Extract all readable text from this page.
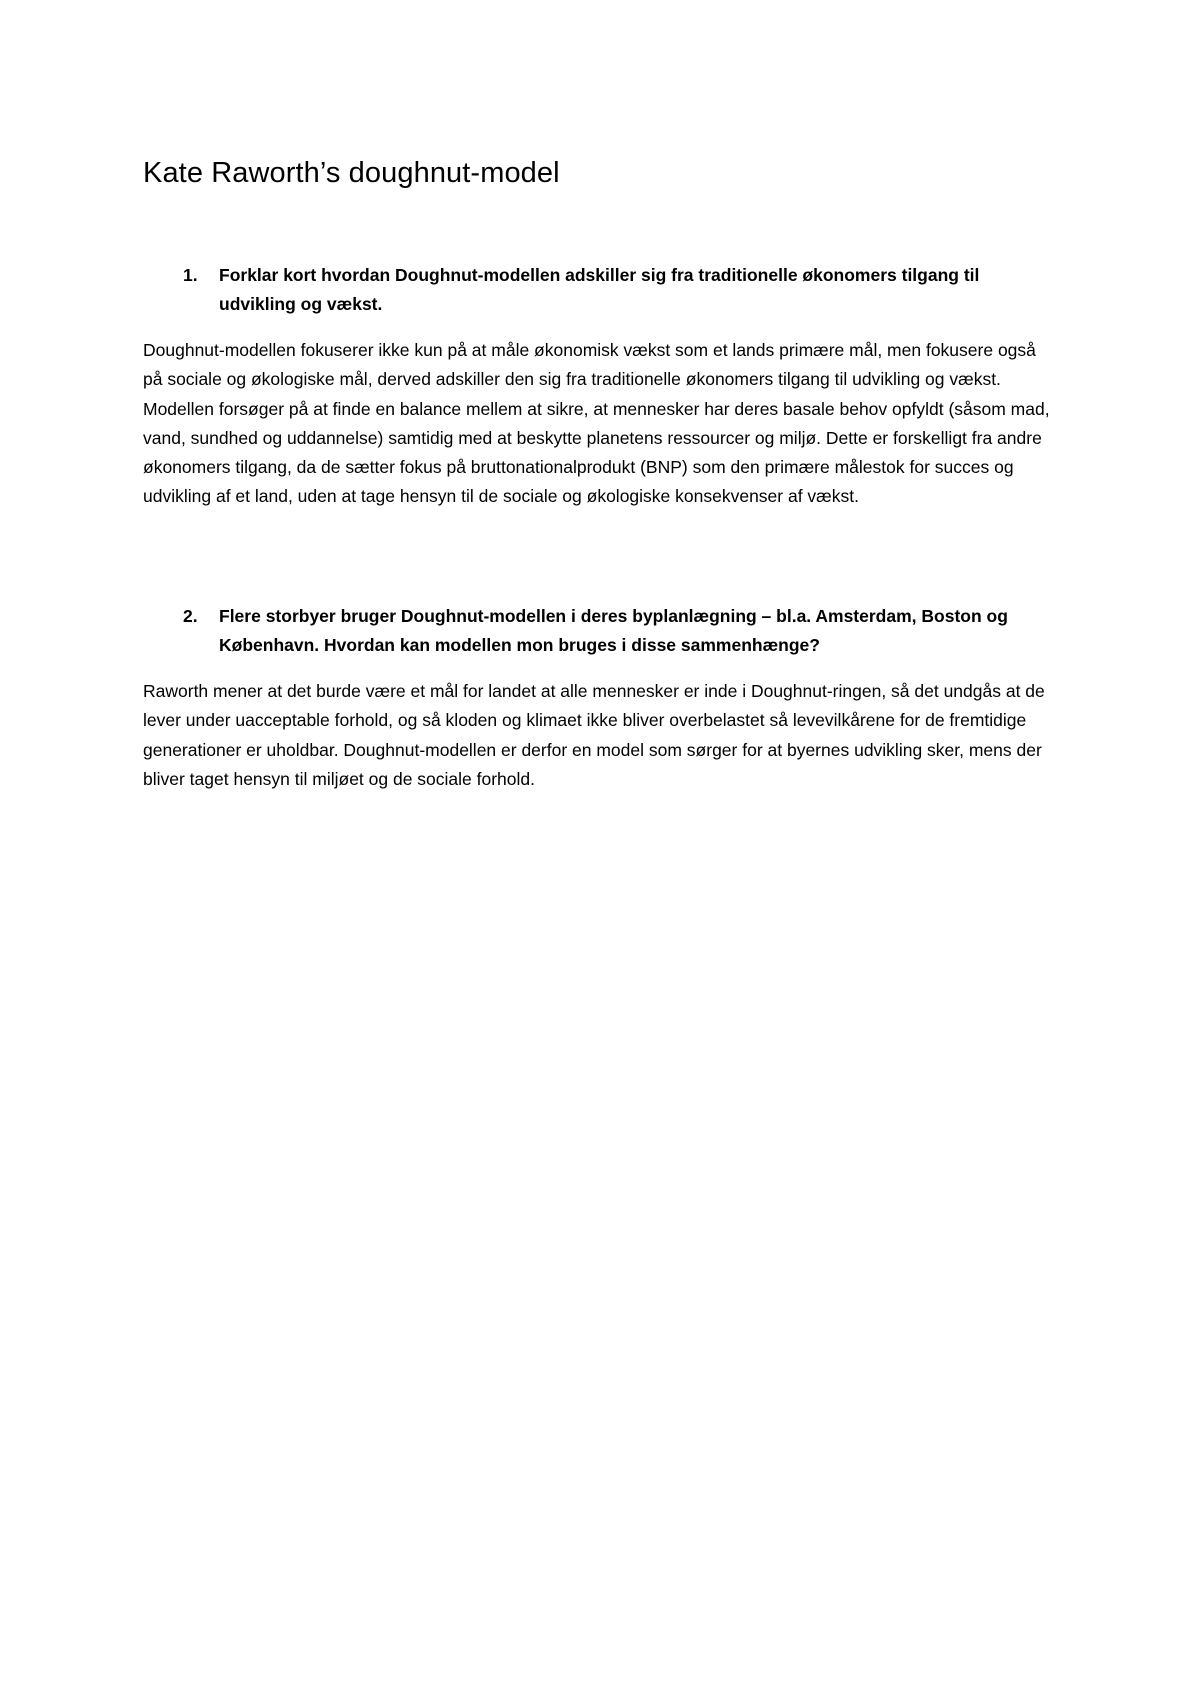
Kate Raworth’s doughnut-model
1. Forklar kort hvordan Doughnut-modellen adskiller sig fra traditionelle økonomers tilgang til udvikling og vækst.

Doughnut-modellen fokuserer ikke kun på at måle økonomisk vækst som et lands primære mål, men fokusere også på sociale og økologiske mål, derved adskiller den sig fra traditionelle økonomers tilgang til udvikling og vækst. Modellen forsøger på at finde en balance mellem at sikre, at mennesker har deres basale behov opfyldt (såsom mad, vand, sundhed og uddannelse) samtidig med at beskytte planetens ressourcer og miljø. Dette er forskelligt fra andre økonomers tilgang, da de sætter fokus på bruttonationalprodukt (BNP) som den primære målestok for succes og udvikling af et land, uden at tage hensyn til de sociale og økologiske konsekvenser af vækst.

2. Flere storbyer bruger Doughnut-modellen i deres byplanlægning – bl.a. Amsterdam, Boston og København. Hvordan kan modellen mon bruges i disse sammenhænge?

Raworth mener at det burde være et mål for landet at alle mennesker er inde i Doughnut-ringen, så det undgås at de lever under uacceptable forhold, og så kloden og klimaet ikke bliver overbelastet så levevilkårene for de fremtidige generationer er uholdbar. Doughnut-modellen er derfor en model som sørger for at byernes udvikling sker, mens der bliver taget hensyn til miljøet og de sociale forhold.
